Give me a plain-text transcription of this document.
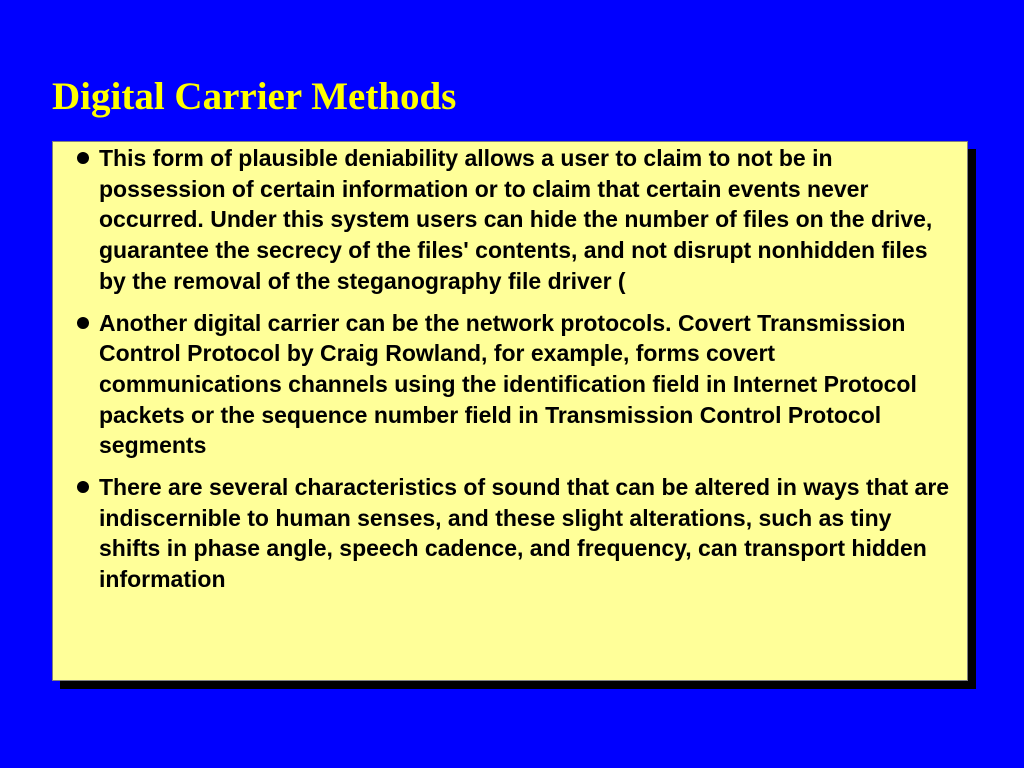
Digital Carrier Methods
This form of plausible deniability allows a user to claim to not be in possession of certain information or to claim that certain events never occurred. Under this system users can hide the number of files on the drive, guarantee the secrecy of the files' contents, and not disrupt nonhidden files by the removal of the steganography file driver (
Another digital carrier can be the network protocols. Covert Transmission Control Protocol by Craig Rowland, for example, forms covert communications channels using the identification field in Internet Protocol packets or the sequence number field in Transmission Control Protocol segments
There are several characteristics of sound that can be altered in ways that are indiscernible to human senses, and these slight alterations, such as tiny shifts in phase angle, speech cadence, and frequency, can transport hidden information
